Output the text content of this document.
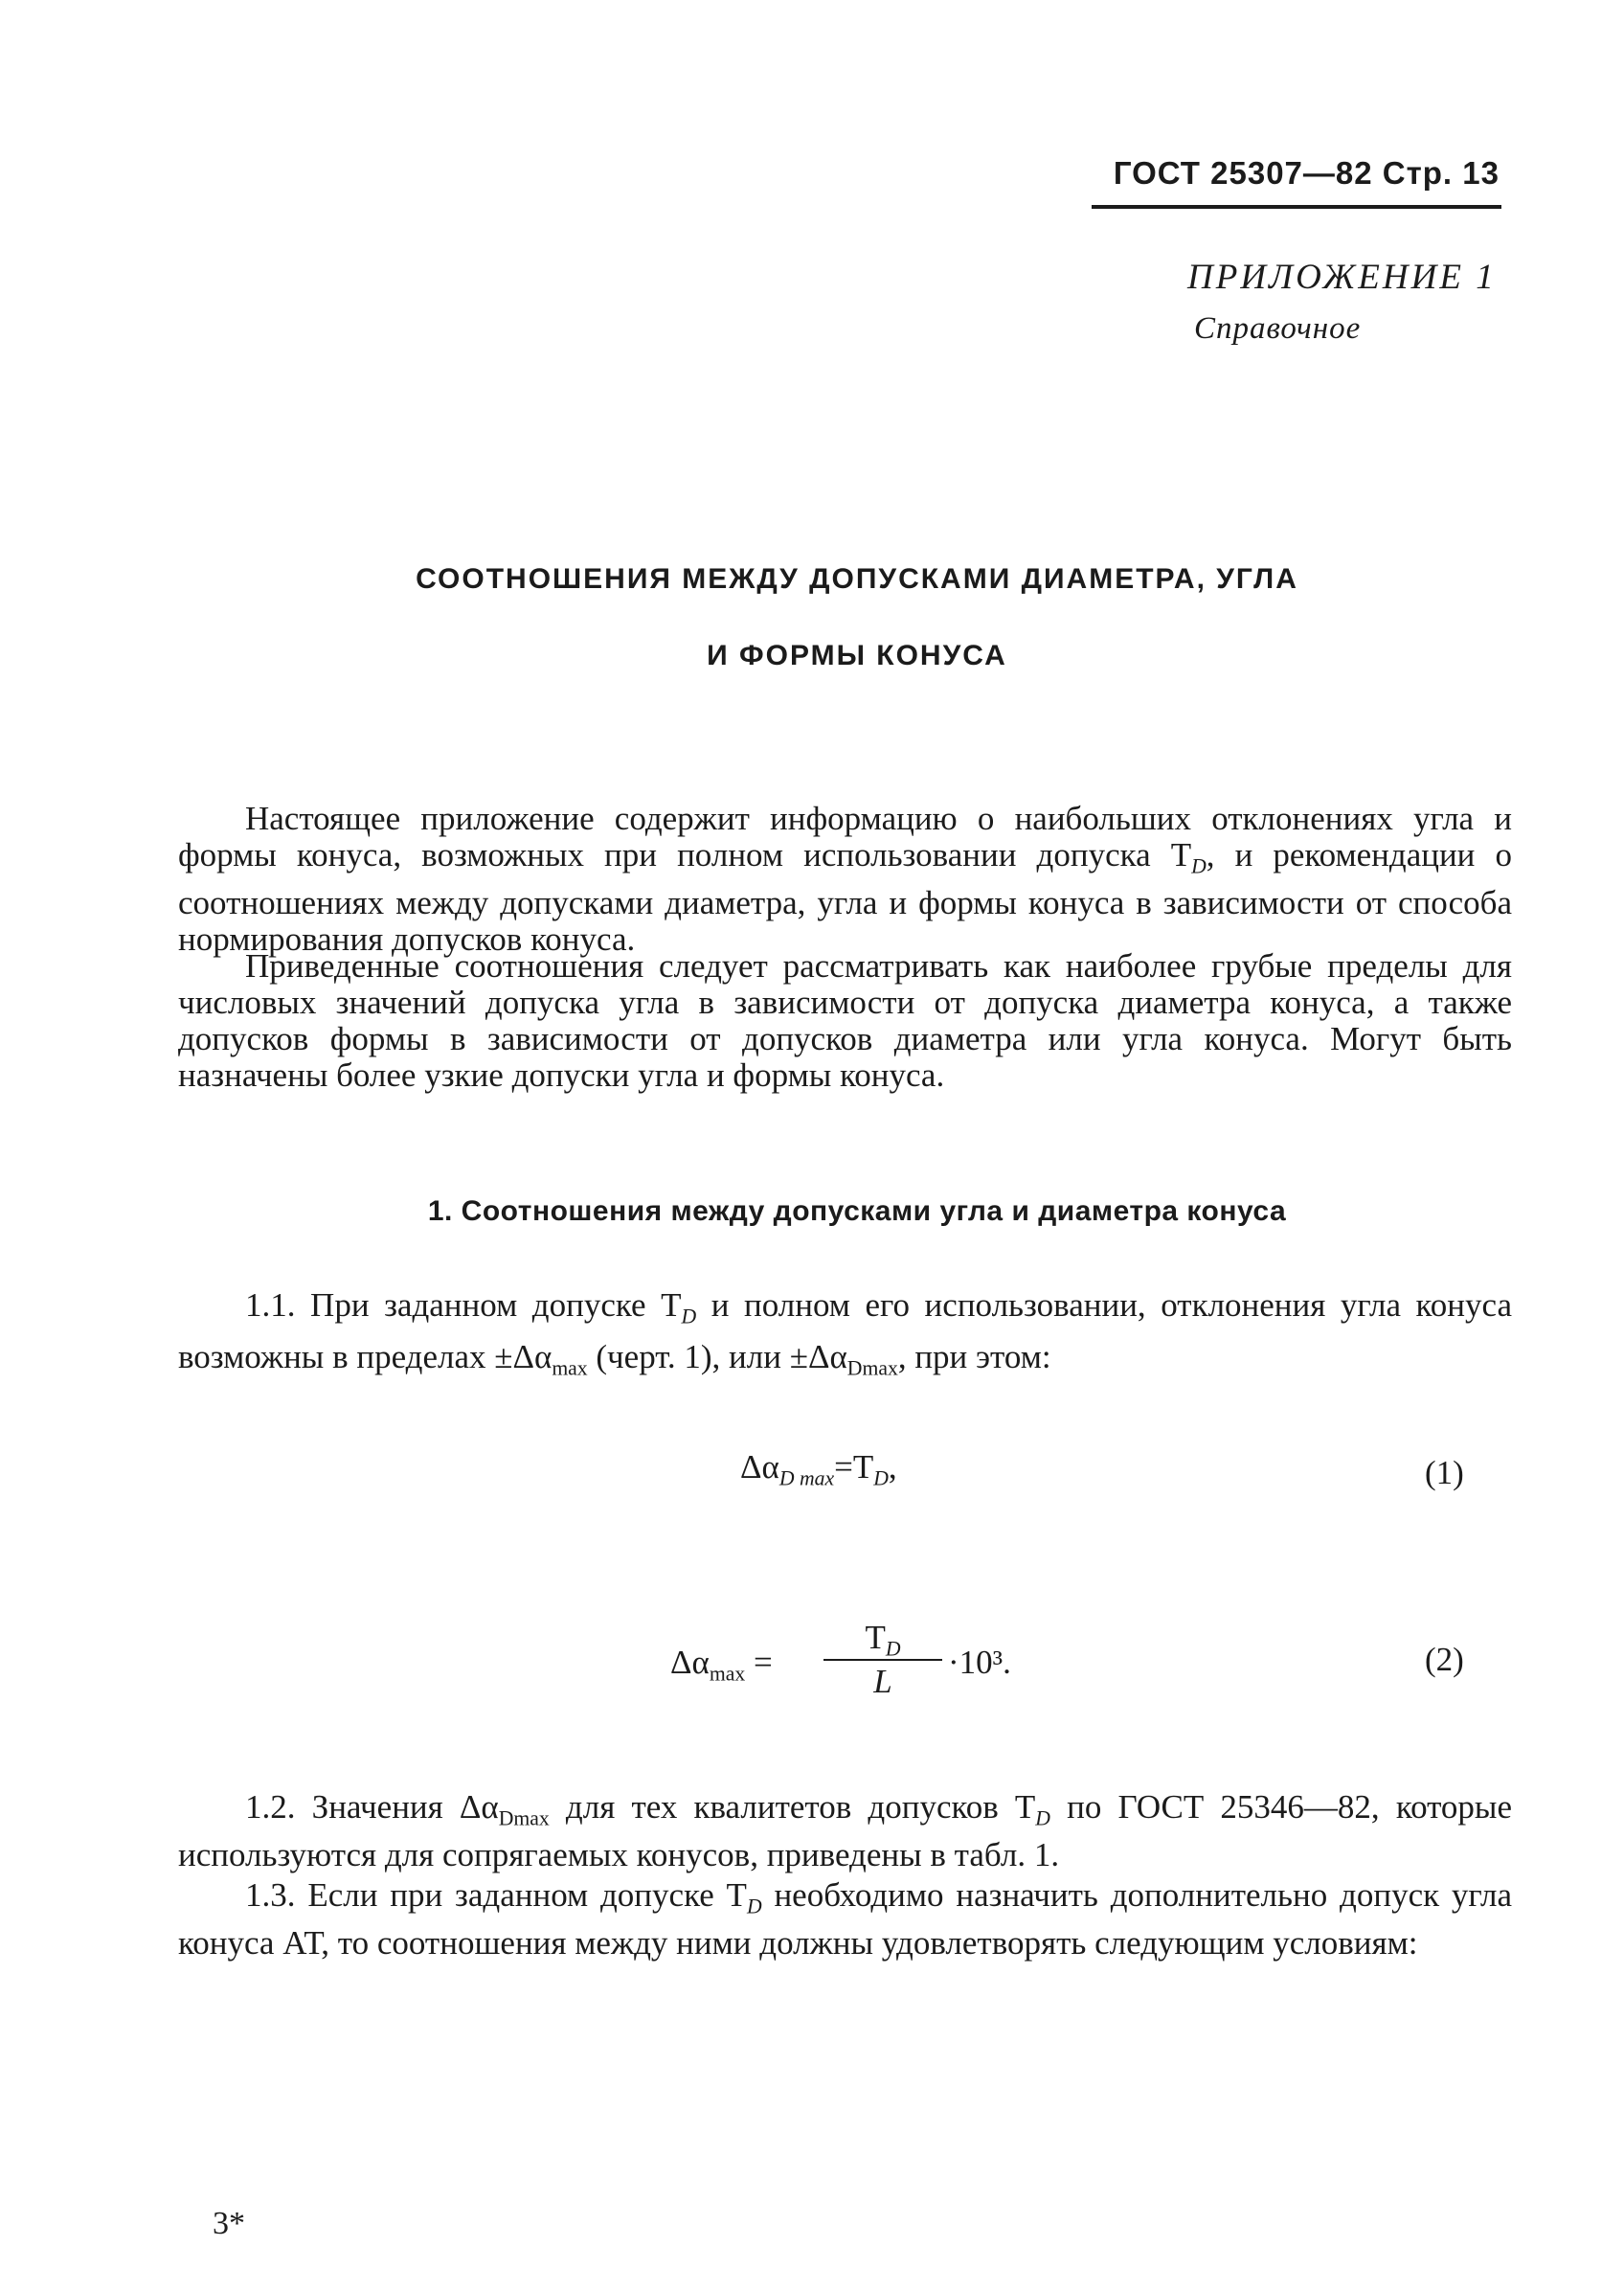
ГОСТ 25307—82 Стр. 13
ПРИЛОЖЕНИЕ 1
Справочное
СООТНОШЕНИЯ МЕЖДУ ДОПУСКАМИ ДИАМЕТРА, УГЛА
И ФОРМЫ КОНУСА

Настоящее приложение содержит информацию о наибольших отклонениях угла и формы конуса, возможных при полном использовании допуска $T_D$, и рекомендации о соотношениях между допусками диаметра, угла и формы конуса в зависимости от способа нормирования допусков конуса.

Приведенные соотношения следует рассматривать как наиболее грубые пределы для числовых значений допуска угла в зависимости от допуска диаметра конуса, а также допусков формы в зависимости от допусков диаметра или угла конуса. Могут быть назначены более узкие допуски угла и формы конуса.

1. Соотношения между допусками угла и диаметра конуса

1.1. При заданном допуске $T_D$ и полном его использовании, отклонения угла конуса возможны в пределах $\pm\Delta\alpha_{max}$ (черт. 1), или $\pm\Delta\alpha_{Dmax}$, при этом:

$\Delta\alpha_{D max}=T_D$,	(1)
$\Delta\alpha_{max}$ =
$T_D$
L
·10³.	(2)

1.2. Значения $\Delta\alpha_{Dmax}$ для тех квалитетов допусков $T_D$ по ГОСТ 25346—82, которые используются для сопрягаемых конусов, приведены в табл. 1.

1.3. Если при заданном допуске $T_D$ необходимо назначить дополнительно допуск угла конуса АТ, то соотношения между ними должны удовлетворять следующим условиям:

3*
